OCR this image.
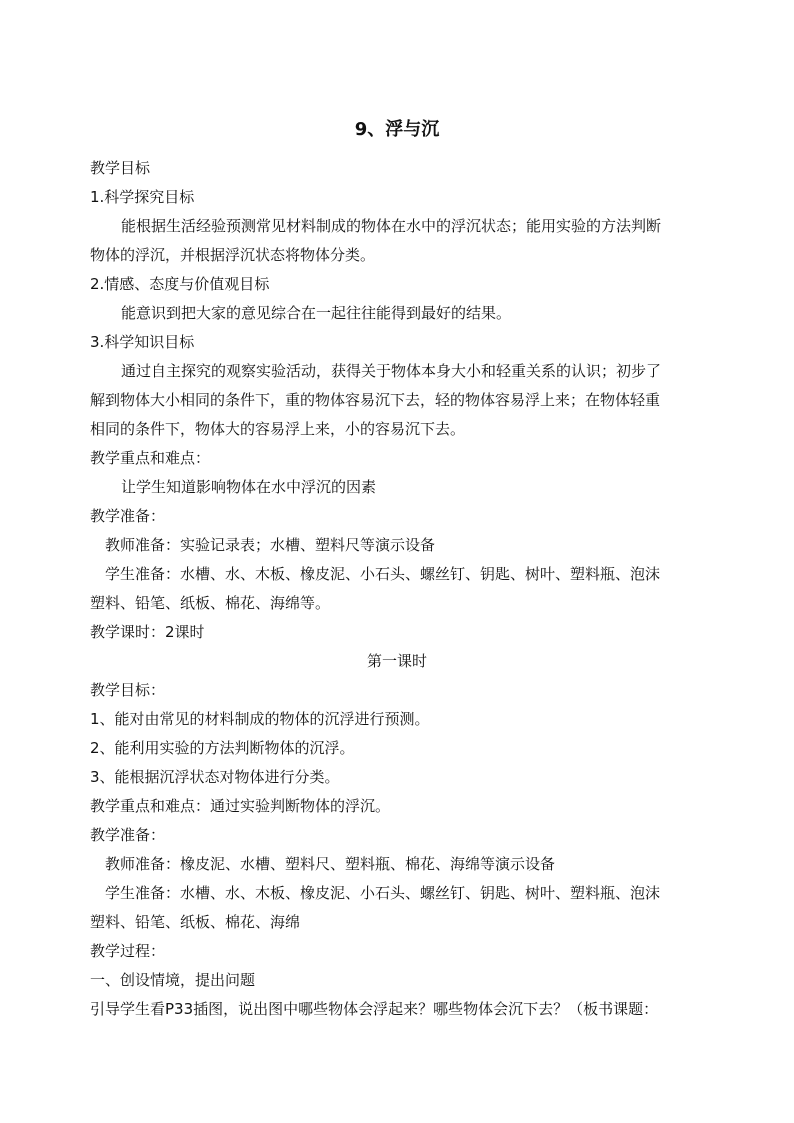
9、浮与沉
教学目标
1.科学探究目标
能根据生活经验预测常见材料制成的物体在水中的浮沉状态；能用实验的方法判断
物体的浮沉，并根据浮沉状态将物体分类。
2.情感、态度与价值观目标
能意识到把大家的意见综合在一起往往能得到最好的结果。
3.科学知识目标
通过自主探究的观察实验活动，获得关于物体本身大小和轻重关系的认识；初步了
解到物体大小相同的条件下，重的物体容易沉下去，轻的物体容易浮上来；在物体轻重
相同的条件下，物体大的容易浮上来，小的容易沉下去。
教学重点和难点：
让学生知道影响物体在水中浮沉的因素
教学准备：
教师准备：实验记录表；水槽、塑料尺等演示设备
学生准备：水槽、水、木板、橡皮泥、小石头、螺丝钉、钥匙、树叶、塑料瓶、泡沫
塑料、铅笔、纸板、棉花、海绵等。
教学课时：2课时
第一课时
教学目标：
1、能对由常见的材料制成的物体的沉浮进行预测。
2、能利用实验的方法判断物体的沉浮。
3、能根据沉浮状态对物体进行分类。
教学重点和难点：通过实验判断物体的浮沉。
教学准备：
教师准备：橡皮泥、水槽、塑料尺、塑料瓶、棉花、海绵等演示设备
学生准备：水槽、水、木板、橡皮泥、小石头、螺丝钉、钥匙、树叶、塑料瓶、泡沫
塑料、铅笔、纸板、棉花、海绵
教学过程：
一、创设情境，提出问题
引导学生看P33插图，说出图中哪些物体会浮起来？哪些物体会沉下去？（板书课题：
